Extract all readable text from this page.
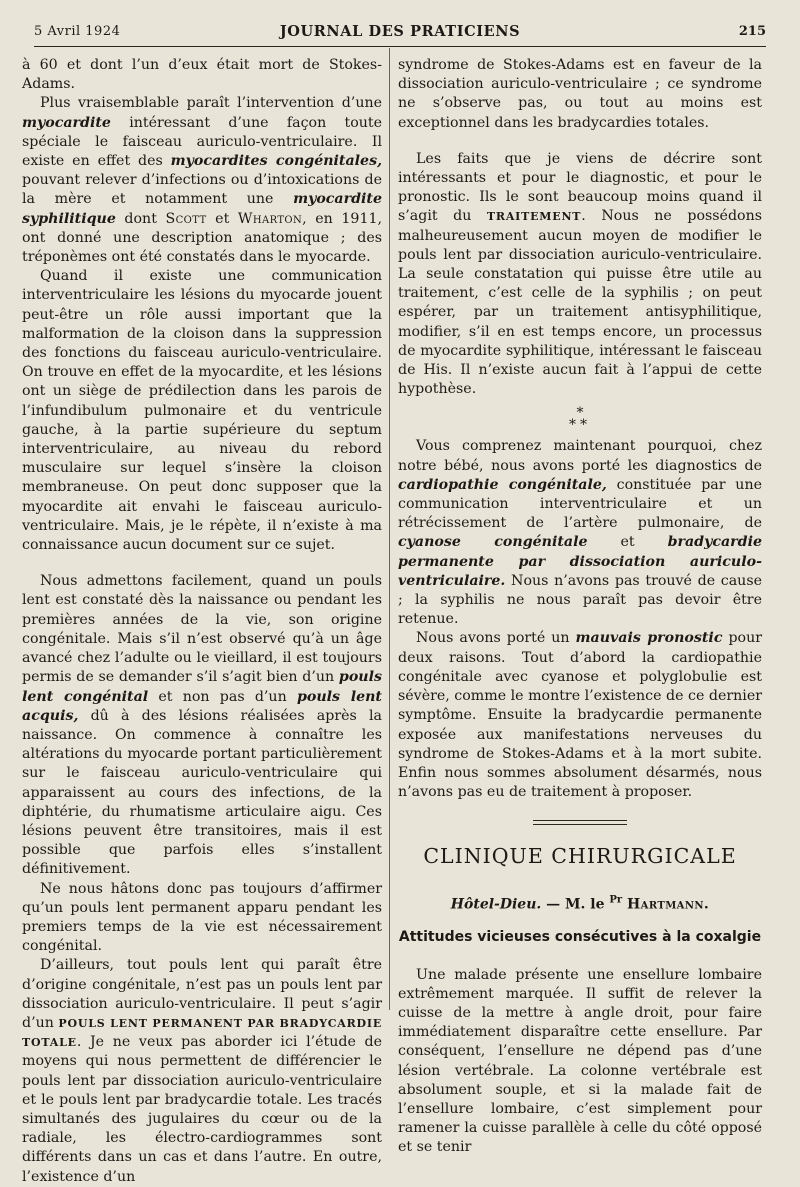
5 Avril 1924	JOURNAL DES PRATICIENS	215

à 60 et dont l’un d’eux était mort de Stokes-Adams.

Plus vraisemblable paraît l’intervention d’une myocardite intéressant d’une façon toute spéciale le faisceau auriculo-ventriculaire. Il existe en effet des myocardites congénitales, pouvant relever d’infections ou d’intoxications de la mère et notamment une myocardite syphilitique dont Scott et Wharton, en 1911, ont donné une description anatomique ; des tréponèmes ont été constatés dans le myocarde.

Quand il existe une communication interventriculaire les lésions du myocarde jouent peut-être un rôle aussi important que la malformation de la cloison dans la suppression des fonctions du faisceau auriculo-ventriculaire. On trouve en effet de la myocardite, et les lésions ont un siège de prédilection dans les parois de l’infundibulum pulmonaire et du ventricule gauche, à la partie supérieure du septum interventriculaire, au niveau du rebord musculaire sur lequel s’insère la cloison membraneuse. On peut donc supposer que la myocardite ait envahi le faisceau auriculo-ventriculaire. Mais, je le répète, il n’existe à ma connaissance aucun document sur ce sujet.

Nous admettons facilement, quand un pouls lent est constaté dès la naissance ou pendant les premières années de la vie, son origine congénitale. Mais s’il n’est observé qu’à un âge avancé chez l’adulte ou le vieillard, il est toujours permis de se demander s’il s’agit bien d’un pouls lent congénital et non pas d’un pouls lent acquis, dû à des lésions réalisées après la naissance. On commence à connaître les altérations du myocarde portant particulièrement sur le faisceau auriculo-ventriculaire qui apparaissent au cours des infections, de la diphtérie, du rhumatisme articulaire aigu. Ces lésions peuvent être transitoires, mais il est possible que parfois elles s’installent définitivement.

Ne nous hâtons donc pas toujours d’affirmer qu’un pouls lent permanent apparu pendant les premiers temps de la vie est nécessairement congénital.

D’ailleurs, tout pouls lent qui paraît être d’origine congénitale, n’est pas un pouls lent par dissociation auriculo-ventriculaire. Il peut s’agir d’un POULS LENT PERMANENT PAR BRADYCARDIE TOTALE. Je ne veux pas aborder ici l’étude de moyens qui nous permettent de différencier le pouls lent par dissociation auriculo-ventriculaire et le pouls lent par bradycardie totale. Les tracés simultanés des jugulaires du cœur ou de la radiale, les électro-cardiogrammes sont différents dans un cas et dans l’autre. En outre, l’existence d’un

syndrome de Stokes-Adams est en faveur de la dissociation auriculo-ventriculaire ; ce syndrome ne s’observe pas, ou tout au moins est exceptionnel dans les bradycardies totales.

Les faits que je viens de décrire sont intéressants et pour le diagnostic, et pour le pronostic. Ils le sont beaucoup moins quand il s’agit du TRAITEMENT. Nous ne possédons malheureusement aucun moyen de modifier le pouls lent par dissociation auriculo-ventriculaire. La seule constatation qui puisse être utile au traitement, c’est celle de la syphilis ; on peut espérer, par un traitement antisyphilitique, modifier, s’il en est temps encore, un processus de myocardite syphilitique, intéressant le faisceau de His. Il n’existe aucun fait à l’appui de cette hypothèse.

*
**

Vous comprenez maintenant pourquoi, chez notre bébé, nous avons porté les diagnostics de cardiopathie congénitale, constituée par une communication interventriculaire et un rétrécissement de l’artère pulmonaire, de cyanose congénitale et bradycardie permanente par dissociation auriculo-ventriculaire. Nous n’avons pas trouvé de cause ; la syphilis ne nous paraît pas devoir être retenue.

Nous avons porté un mauvais pronostic pour deux raisons. Tout d’abord la cardiopathie congénitale avec cyanose et polyglobulie est sévère, comme le montre l’existence de ce dernier symptôme. Ensuite la bradycardie permanente exposée aux manifestations nerveuses du syndrome de Stokes-Adams et à la mort subite. Enfin nous sommes absolument désarmés, nous n’avons pas eu de traitement à proposer.

CLINIQUE CHIRURGICALE
Hôtel-Dieu. — M. le $^{Pr}$ Hartmann.
Attitudes vicieuses consécutives à la coxalgie

Une malade présente une ensellure lombaire extrêmement marquée. Il suffit de relever la cuisse de la mettre à angle droit, pour faire immédiatement disparaître cette ensellure. Par conséquent, l’ensellure ne dépend pas d’une lésion vertébrale. La colonne vertébrale est absolument souple, et si la malade fait de l’ensellure lombaire, c’est simplement pour ramener la cuisse parallèle à celle du côté opposé et se tenir
